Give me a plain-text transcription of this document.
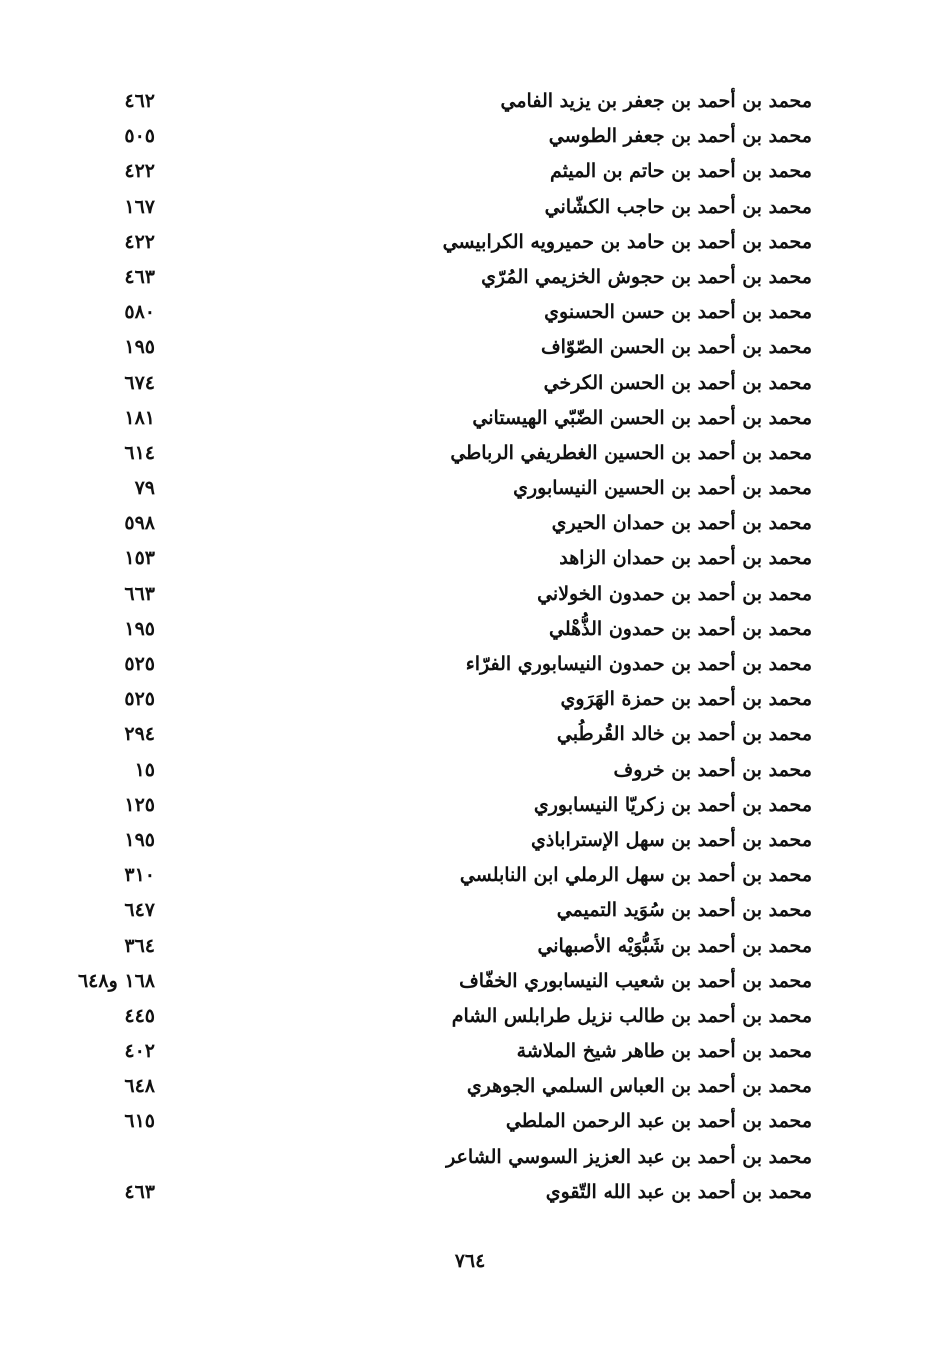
محمد بن أحمد بن جعفر بن يزيد الفامي
٤٦٢
محمد بن أحمد بن جعفر الطوسي
٥٠٥
محمد بن أحمد بن حاتم بن الميثم
٤٢٢
محمد بن أحمد بن حاجب الكشّاني
١٦٧
محمد بن أحمد بن حامد بن حميرويه الكرابيسي
٤٢٢
محمد بن أحمد بن حجوش الخزيمي المُرّي
٤٦٣
محمد بن أحمد بن حسن الحسنوي
٥٨٠
محمد بن أحمد بن الحسن الصّوّاف
١٩٥
محمد بن أحمد بن الحسن الكرخي
٦٧٤
محمد بن أحمد بن الحسن الضّبّي الهيستاني
١٨١
محمد بن أحمد بن الحسين الغطريفي الرباطي
٦١٤
محمد بن أحمد بن الحسين النيسابوري
٧٩
محمد بن أحمد بن حمدان الحيري
٥٩٨
محمد بن أحمد بن حمدان الزاهد
١٥٣
محمد بن أحمد بن حمدون الخولاني
٦٦٣
محمد بن أحمد بن حمدون الذُّهْلي
١٩٥
محمد بن أحمد بن حمدون النيسابوري الفرّاء
٥٢٥
محمد بن أحمد بن حمزة الهَرَوي
٥٢٥
محمد بن أحمد بن خالد القُرطُبي
٢٩٤
محمد بن أحمد بن خروف
١٥
محمد بن أحمد بن زكريّا النيسابوري
١٢٥
محمد بن أحمد بن سهل الإستراباذي
١٩٥
محمد بن أحمد بن سهل الرملي ابن النابلسي
٣١٠
محمد بن أحمد بن سُوَيد التميمي
٦٤٧
محمد بن أحمد بن شَبُّوَيْه الأصبهاني
٣٦٤
محمد بن أحمد بن شعيب النيسابوري الخفّاف
١٦٨ و٦٤٨
محمد بن أحمد بن طالب نزيل طرابلس الشام
٤٤٥
محمد بن أحمد بن طاهر شيخ الملاشة
٤٠٢
محمد بن أحمد بن العباس السلمي الجوهري
٦٤٨
محمد بن أحمد بن عبد الرحمن الملطي
٦١٥
محمد بن أحمد بن عبد العزيز السوسي الشاعر
محمد بن أحمد بن عبد الله التّقوي
٤٦٣
٧٦٤
